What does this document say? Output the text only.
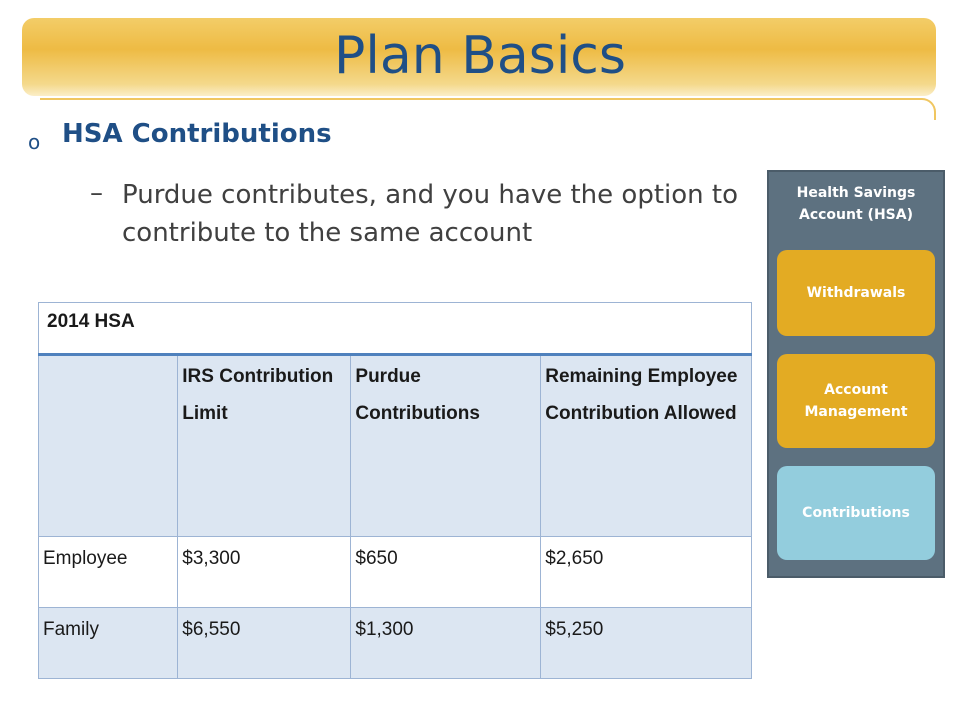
Plan Basics
o HSA Contributions
– Purdue contributes, and you have the option to contribute to the same account
2014 HSA			
	IRS Contribution Limit	Purdue Contributions	Remaining Employee Contribution Allowed
Employee	$3,300	$650	$2,650
Family	$6,550	$1,300	$5,250
Health Savings Account (HSA)
Withdrawals
Account Management
Contributions
